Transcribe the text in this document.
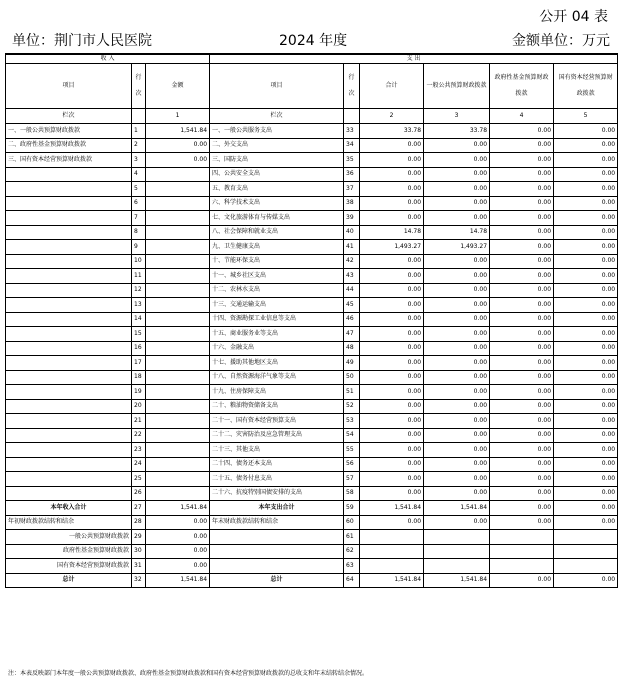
公开 04 表
单位：荆门市人民医院	2024 年度	金额单位：万元
收 入			支 出					
项目	行次	金额	项目	行次	合计	一般公共预算财政拨款	政府性基金预算财政拨款	国有资本经营预算财政拨款
栏次		1	栏次		2	3	4	5
一、一般公共预算财政拨款	1	1,541.84	一、一般公共服务支出	33	33.78	33.78	0.00	0.00
二、政府性基金预算财政拨款	2	0.00	二、外交支出	34	0.00	0.00	0.00	0.00
三、国有资本经营预算财政拨款	3	0.00	三、国防支出	35	0.00	0.00	0.00	0.00
	4		四、公共安全支出	36	0.00	0.00	0.00	0.00
	5		五、教育支出	37	0.00	0.00	0.00	0.00
	6		六、科学技术支出	38	0.00	0.00	0.00	0.00
	7		七、文化旅游体育与传媒支出	39	0.00	0.00	0.00	0.00
	8		八、社会保障和就业支出	40	14.78	14.78	0.00	0.00
	9		九、卫生健康支出	41	1,493.27	1,493.27	0.00	0.00
	10		十、节能环保支出	42	0.00	0.00	0.00	0.00
	11		十一、城乡社区支出	43	0.00	0.00	0.00	0.00
	12		十二、农林水支出	44	0.00	0.00	0.00	0.00
	13		十三、交通运输支出	45	0.00	0.00	0.00	0.00
	14		十四、资源勘探工业信息等支出	46	0.00	0.00	0.00	0.00
	15		十五、商业服务业等支出	47	0.00	0.00	0.00	0.00
	16		十六、金融支出	48	0.00	0.00	0.00	0.00
	17		十七、援助其他地区支出	49	0.00	0.00	0.00	0.00
	18		十八、自然资源海洋气象等支出	50	0.00	0.00	0.00	0.00
	19		十九、住房保障支出	51	0.00	0.00	0.00	0.00
	20		二十、粮油物资储备支出	52	0.00	0.00	0.00	0.00
	21		二十一、国有资本经营预算支出	53	0.00	0.00	0.00	0.00
	22		二十二、灾害防治及应急管理支出	54	0.00	0.00	0.00	0.00
	23		二十三、其他支出	55	0.00	0.00	0.00	0.00
	24		二十四、债务还本支出	56	0.00	0.00	0.00	0.00
	25		二十五、债务付息支出	57	0.00	0.00	0.00	0.00
	26		二十六、抗疫特别国债安排的支出	58	0.00	0.00	0.00	0.00
本年收入合计	27	1,541.84	本年支出合计	59	1,541.84	1,541.84	0.00	0.00
年初财政拨款结转和结余	28	0.00	年末财政拨款结转和结余	60	0.00	0.00	0.00	0.00
一般公共预算财政拨款	29	0.00		61				
政府性基金预算财政拨款	30	0.00		62				
国有资本经营预算财政拨款	31	0.00		63				
总计	32	1,541.84	总计	64	1,541.84	1,541.84	0.00	0.00
注：本表反映部门本年度一般公共预算财政拨款、政府性基金预算财政拨款和国有资本经营预算财政拨款的总收支和年末结转结余情况。
